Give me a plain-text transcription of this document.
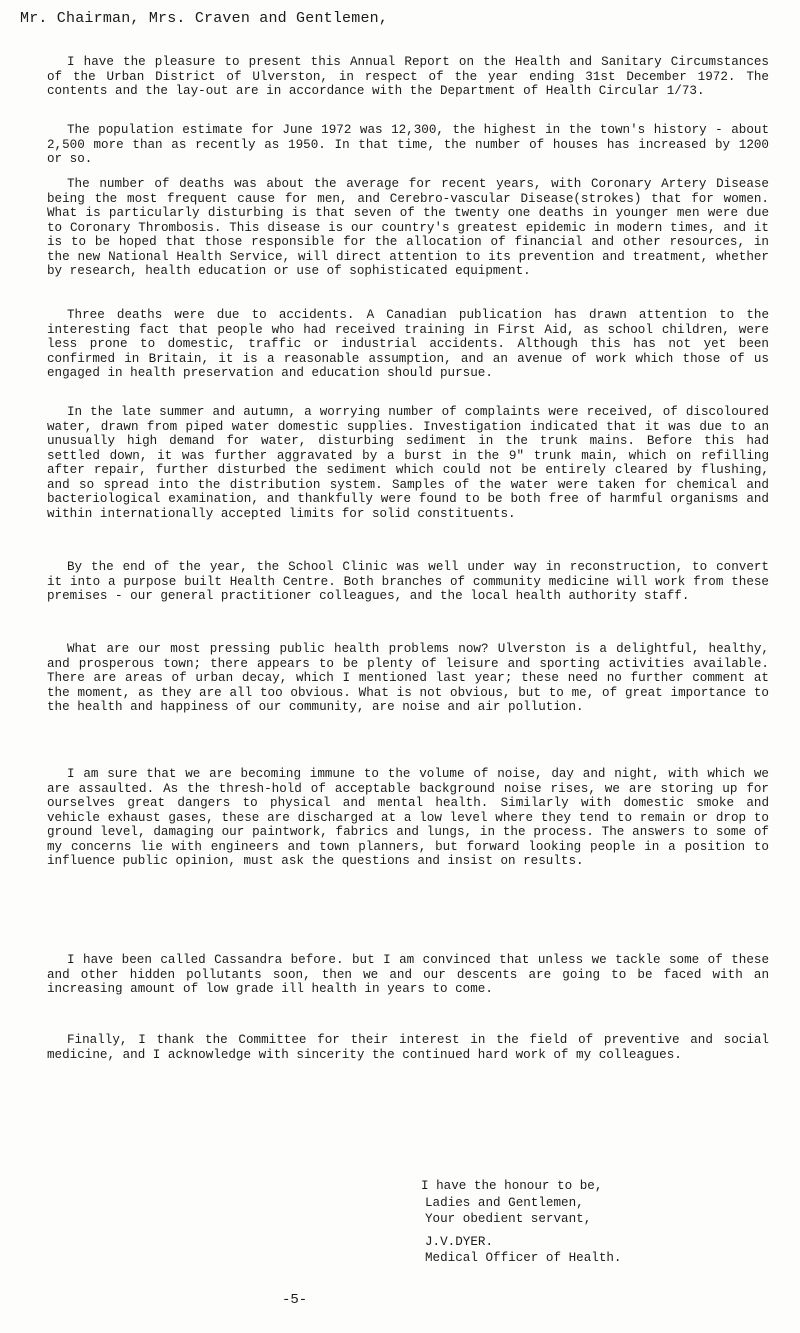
Mr. Chairman, Mrs. Craven and Gentlemen,

I have the pleasure to present this Annual Report on the Health and Sanitary Circumstances of the Urban District of Ulverston, in respect of the year ending 31st December 1972. The contents and the lay-out are in accordance with the Department of Health Circular 1/73.

The population estimate for June 1972 was 12,300, the highest in the town's history - about 2,500 more than as recently as 1950. In that time, the number of houses has increased by 1200 or so.

The number of deaths was about the average for recent years, with Coronary Artery Disease being the most frequent cause for men, and Cerebro-vascular Disease(strokes) that for women. What is particularly disturbing is that seven of the twenty one deaths in younger men were due to Coronary Thrombosis. This disease is our country's greatest epidemic in modern times, and it is to be hoped that those responsible for the allocation of financial and other resources, in the new National Health Service, will direct attention to its prevention and treatment, whether by research, health education or use of sophisticated equipment.

Three deaths were due to accidents. A Canadian publication has drawn attention to the interesting fact that people who had received training in First Aid, as school children, were less prone to domestic, traffic or industrial accidents. Although this has not yet been confirmed in Britain, it is a reasonable assumption, and an avenue of work which those of us engaged in health preservation and education should pursue.

In the late summer and autumn, a worrying number of complaints were received, of discoloured water, drawn from piped water domestic supplies. Investigation indicated that it was due to an unusually high demand for water, disturbing sediment in the trunk mains. Before this had settled down, it was further aggravated by a burst in the 9" trunk main, which on refilling after repair, further disturbed the sediment which could not be entirely cleared by flushing, and so spread into the distribution system. Samples of the water were taken for chemical and bacteriological examination, and thankfully were found to be both free of harmful organisms and within internationally accepted limits for solid constituents.

By the end of the year, the School Clinic was well under way in reconstruction, to convert it into a purpose built Health Centre. Both branches of community medicine will work from these premises - our general practitioner colleagues, and the local health authority staff.

What are our most pressing public health problems now? Ulverston is a delightful, healthy, and prosperous town; there appears to be plenty of leisure and sporting activities available. There are areas of urban decay, which I mentioned last year; these need no further comment at the moment, as they are all too obvious. What is not obvious, but to me, of great importance to the health and happiness of our community, are noise and air pollution.

I am sure that we are becoming immune to the volume of noise, day and night, with which we are assaulted. As the thresh-hold of acceptable background noise rises, we are storing up for ourselves great dangers to physical and mental health. Similarly with domestic smoke and vehicle exhaust gases, these are discharged at a low level where they tend to remain or drop to ground level, damaging our paintwork, fabrics and lungs, in the process. The answers to some of my concerns lie with engineers and town planners, but forward looking people in a position to influence public opinion, must ask the questions and insist on results.

I have been called Cassandra before. but I am convinced that unless we tackle some of these and other hidden pollutants soon, then we and our descents are going to be faced with an increasing amount of low grade ill health in years to come.

Finally, I thank the Committee for their interest in the field of preventive and social medicine, and I acknowledge with sincerity the continued hard work of my colleagues.

I have the honour to be,
Ladies and Gentlemen,
Your obedient servant,
J.V.DYER.
Medical Officer of Health.
-5-
